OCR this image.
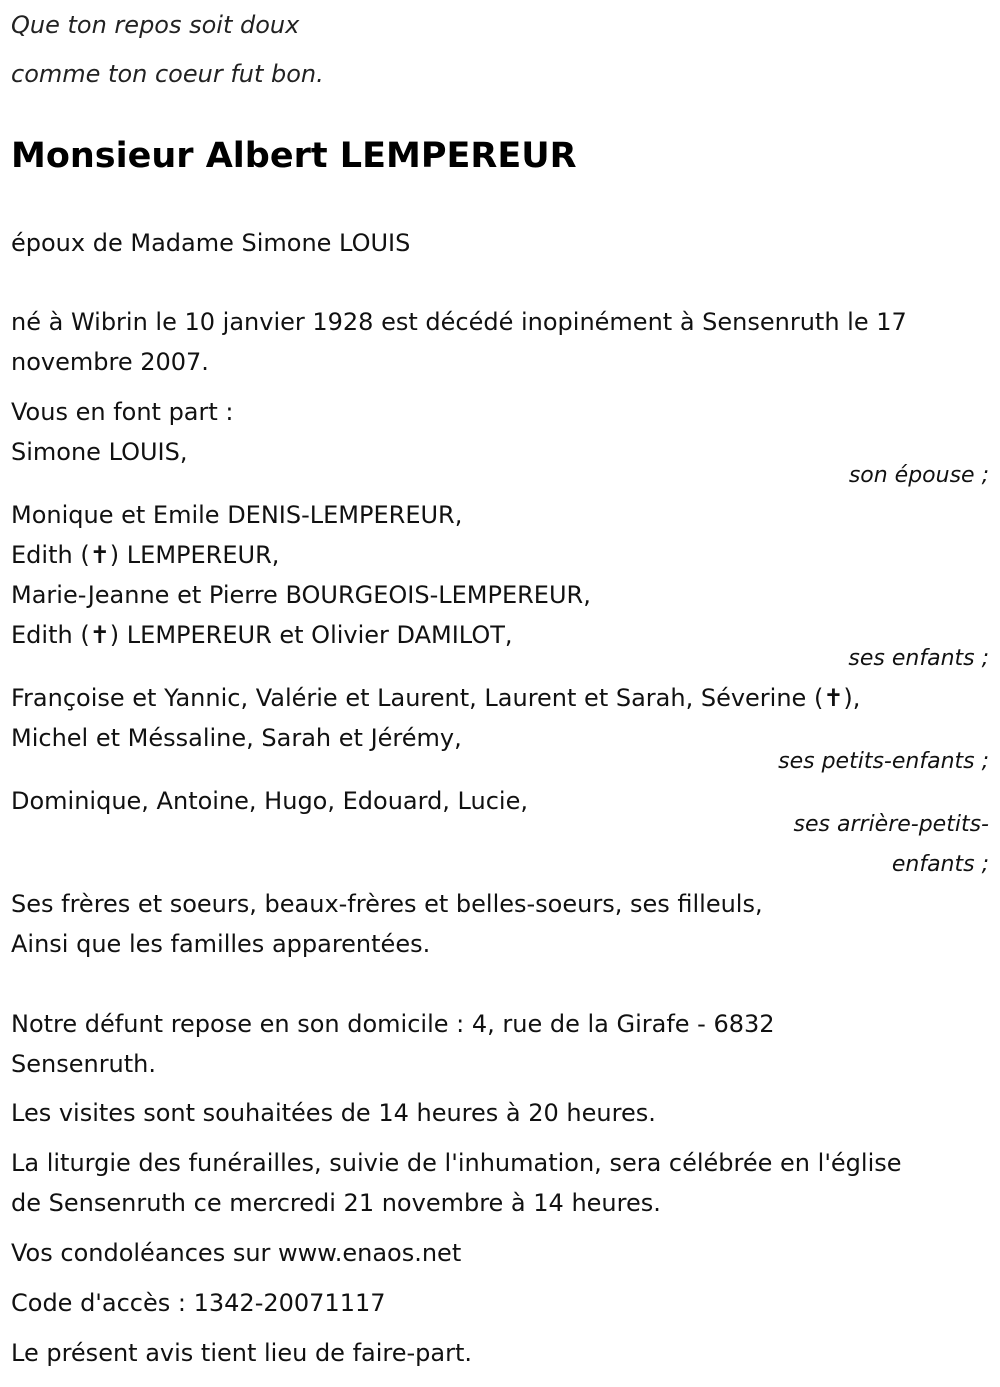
Que ton repos soit doux

comme ton coeur fut bon.

Monsieur Albert LEMPEREUR

époux de Madame Simone LOUIS

né à Wibrin le 10 janvier 1928 est décédé inopinément à Sensenruth le 17

novembre 2007.

Vous en font part :

Simone LOUIS,

son épouse ;

Monique et Emile DENIS-LEMPEREUR,

Edith (✝) LEMPEREUR,

Marie-Jeanne et Pierre BOURGEOIS-LEMPEREUR,

Edith (✝) LEMPEREUR et Olivier DAMILOT,

ses enfants ;

Françoise et Yannic, Valérie et Laurent, Laurent et Sarah, Séverine (✝),

Michel et Méssaline, Sarah et Jérémy,

ses petits-enfants ;

Dominique, Antoine, Hugo, Edouard, Lucie,

ses arrière-petits-

enfants ;

Ses frères et soeurs, beaux-frères et belles-soeurs, ses filleuls,

Ainsi que les familles apparentées.

Notre défunt repose en son domicile : 4, rue de la Girafe - 6832

Sensenruth.

Les visites sont souhaitées de 14 heures à 20 heures.

La liturgie des funérailles, suivie de l'inhumation, sera célébrée en l'église

de Sensenruth ce mercredi 21 novembre à 14 heures.

Vos condoléances sur www.enaos.net

Code d'accès : 1342-20071117

Le présent avis tient lieu de faire-part.
